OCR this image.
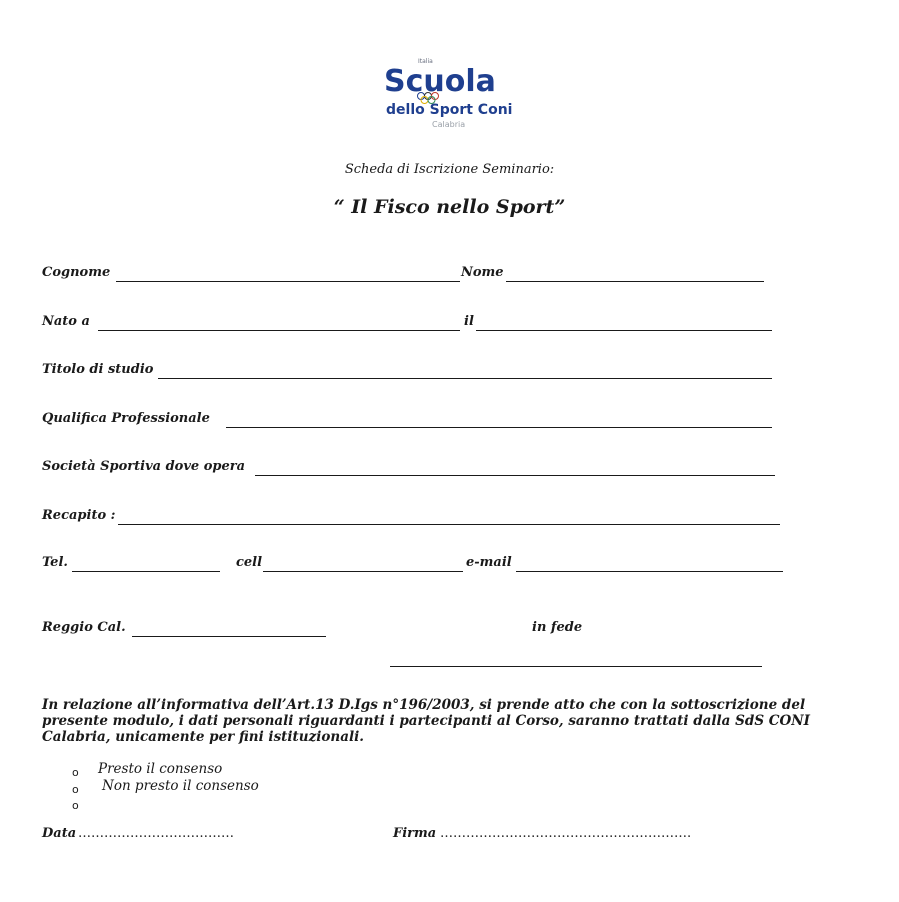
Italia
Scuola
dello Sport Coni
Calabria
Scheda di Iscrizione Seminario:
“ Il Fisco nello Sport”
Cognome	Nome
Nato a	il
Titolo di studio
Qualifica Professionale
Società Sportiva dove opera
Recapito :
Tel.	cell	e-mail
Reggio Cal.	in fede
In relazione all’informativa dell’Art.13 D.Igs n°196/2003, si prende atto che con la sottoscrizione del presente modulo, i dati personali riguardanti i partecipanti al Corso, saranno trattati dalla SdS CONI Calabria, unicamente per fini istituzionali.
o Presto il consenso
o Non presto il consenso
o
Data ………………………………	Firma ………………………………………………….
